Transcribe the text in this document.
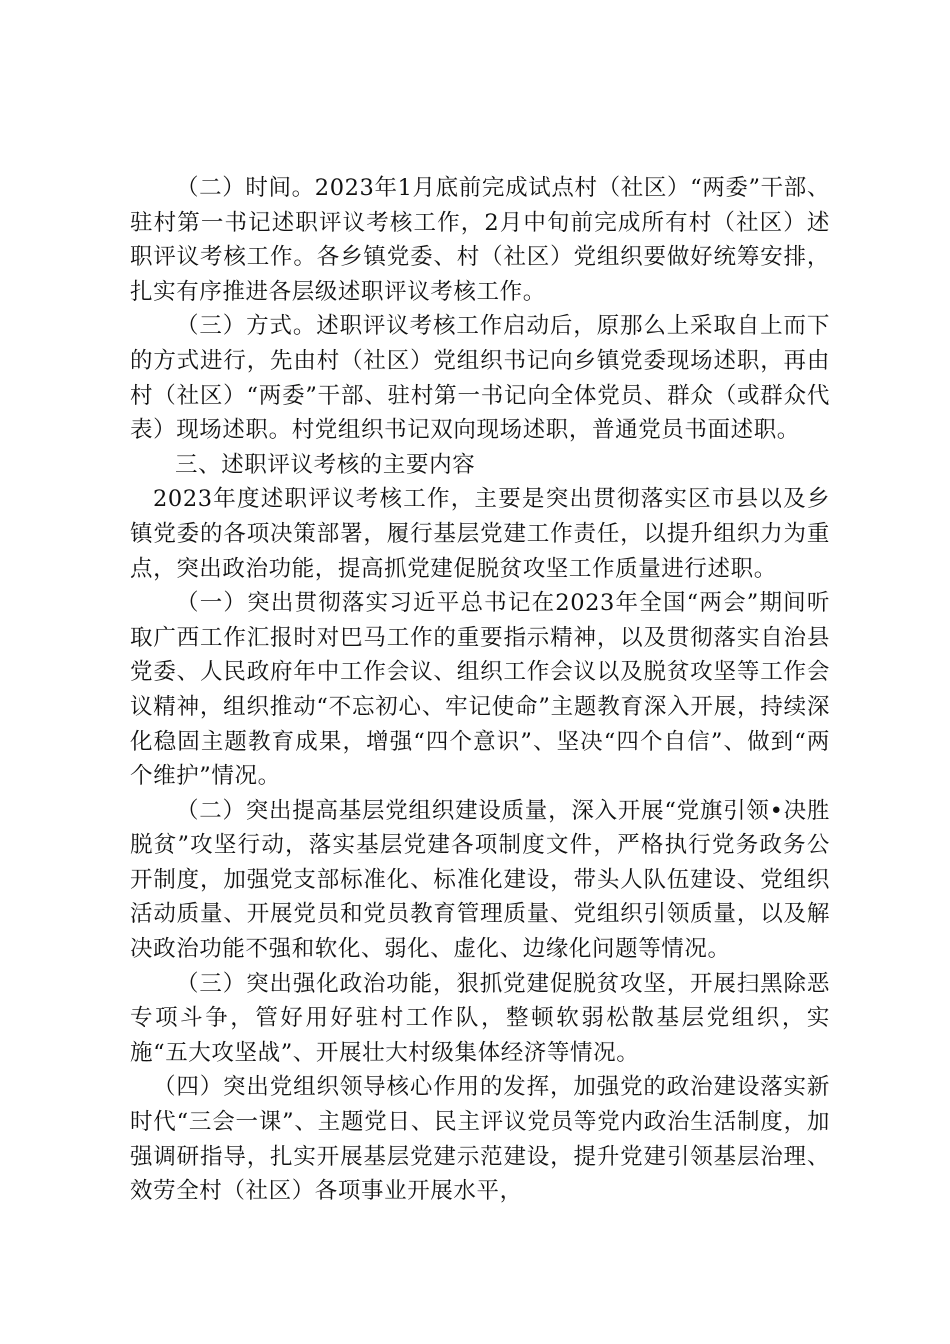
（二）时间。2023年1月底前完成试点村（社区）“两委”干部、驻村第一书记述职评议考核工作，2月中旬前完成所有村（社区）述职评议考核工作。各乡镇党委、村（社区）党组织要做好统筹安排，扎实有序推进各层级述职评议考核工作。

（三）方式。述职评议考核工作启动后，原那么上采取自上而下的方式进行，先由村（社区）党组织书记向乡镇党委现场述职，再由村（社区）“两委”干部、驻村第一书记向全体党员、群众（或群众代表）现场述职。村党组织书记双向现场述职，普通党员书面述职。

三、述职评议考核的主要内容

2023年度述职评议考核工作，主要是突出贯彻落实区市县以及乡镇党委的各项决策部署，履行基层党建工作责任，以提升组织力为重点，突出政治功能，提高抓党建促脱贫攻坚工作质量进行述职。

（一）突出贯彻落实习近平总书记在2023年全国“两会”期间听取广西工作汇报时对巴马工作的重要指示精神，以及贯彻落实自治县党委、人民政府年中工作会议、组织工作会议以及脱贫攻坚等工作会议精神，组织推动“不忘初心、牢记使命”主题教育深入开展，持续深化稳固主题教育成果，增强“四个意识”、坚决“四个自信”、做到“两个维护”情况。

（二）突出提高基层党组织建设质量，深入开展“党旗引领•决胜脱贫”攻坚行动，落实基层党建各项制度文件，严格执行党务政务公开制度，加强党支部标准化、标准化建设，带头人队伍建设、党组织活动质量、开展党员和党员教育管理质量、党组织引领质量，以及解决政治功能不强和软化、弱化、虚化、边缘化问题等情况。

（三）突出强化政治功能，狠抓党建促脱贫攻坚，开展扫黑除恶专项斗争，管好用好驻村工作队，整顿软弱松散基层党组织，实施“五大攻坚战”、开展壮大村级集体经济等情况。

（四）突出党组织领导核心作用的发挥，加强党的政治建设落实新时代“三会一课”、主题党日、民主评议党员等党内政治生活制度，加强调研指导，扎实开展基层党建示范建设，提升党建引领基层治理、效劳全村（社区）各项事业开展水平，
